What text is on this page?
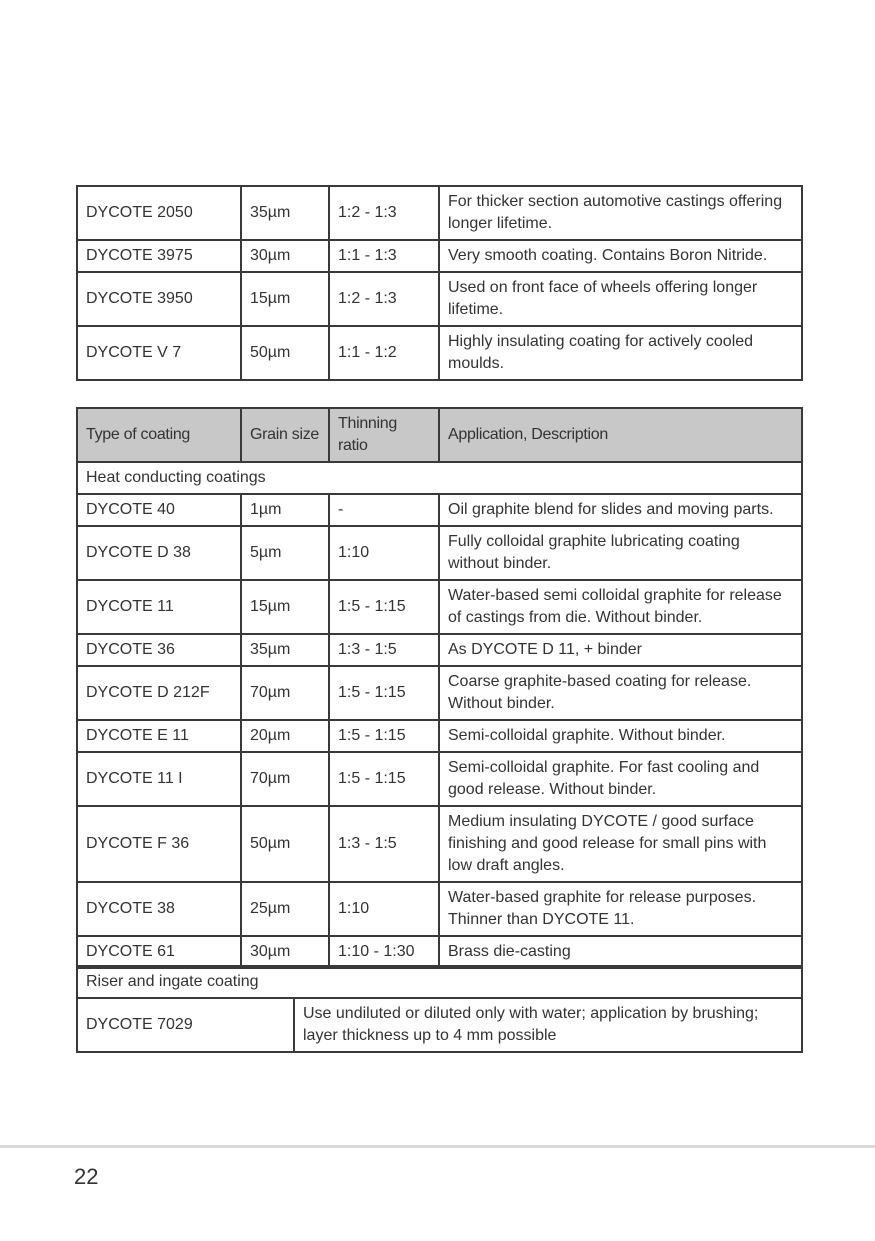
DYCOTE 2050	35µm	1:2 - 1:3	For thicker section automotive castings offering longer lifetime.
DYCOTE 3975	30µm	1:1 - 1:3	Very smooth coating. Contains Boron Nitride.
DYCOTE 3950	15µm	1:2 - 1:3	Used on front face of wheels offering longer lifetime.
DYCOTE V 7	50µm	1:1 - 1:2	Highly insulating coating for actively cooled moulds.
Type of coating	Grain size	Thinning ratio	Application, Description
Heat conducting coatings			
DYCOTE 40	1µm	-	Oil graphite blend for slides and moving parts.
DYCOTE D 38	5µm	1:10	Fully colloidal graphite lubricating coating without binder.
DYCOTE 11	15µm	1:5 - 1:15	Water-based semi colloidal graphite for release of castings from die. Without binder.
DYCOTE 36	35µm	1:3 - 1:5	As DYCOTE D 11, + binder
DYCOTE D 212F	70µm	1:5 - 1:15	Coarse graphite-based coating for release. Without binder.
DYCOTE E 11	20µm	1:5 - 1:15	Semi-colloidal graphite. Without binder.
DYCOTE 11 I	70µm	1:5 - 1:15	Semi-colloidal graphite. For fast cooling and good release. Without binder.
DYCOTE F 36	50µm	1:3 - 1:5	Medium insulating DYCOTE / good surface finishing and good release for small pins with low draft angles.
DYCOTE 38	25µm	1:10	Water-based graphite for release purposes. Thinner than DYCOTE 11.
DYCOTE 61	30µm	1:10 - 1:30	Brass die-casting
Riser and ingate coating
DYCOTE 7029	Use undiluted or diluted only with water; application by brushing; layer thickness up to 4 mm possible
22
